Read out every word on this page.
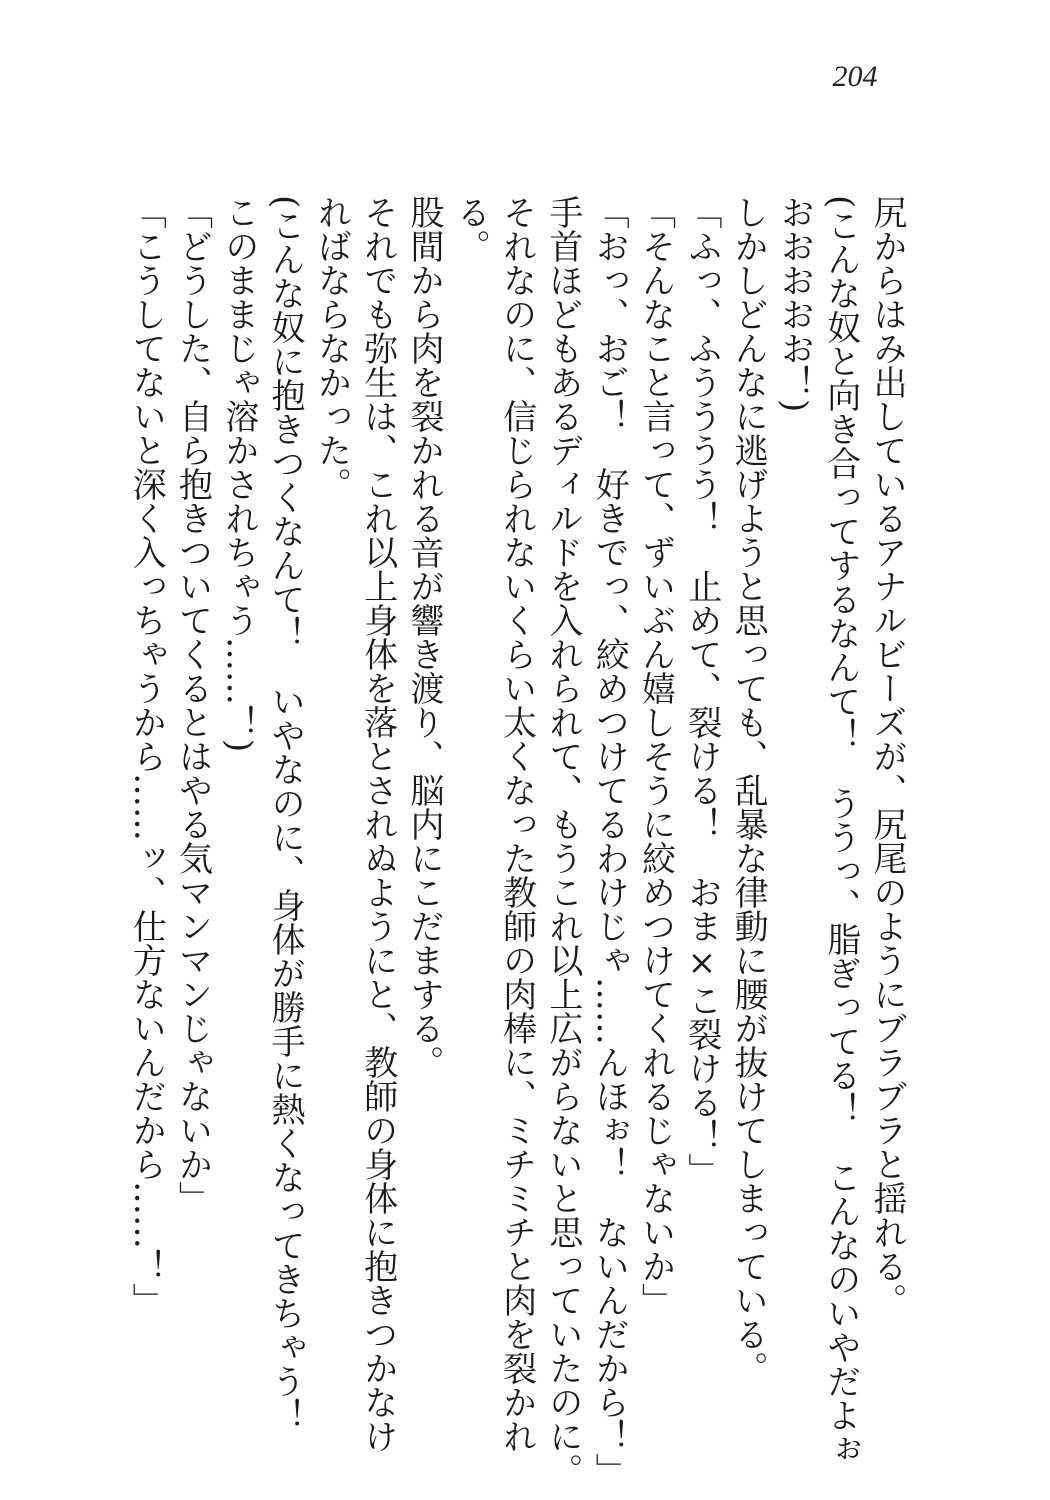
204
尻からはみ出しているアナルビーズが、尻尾のようにブラブラと揺れる。
(こんな奴と向き合ってするなんて！　ううっ、脂ぎってる！　こんなのいやだよぉ
おおおおお！)
しかしどんなに逃げようと思っても、乱暴な律動に腰が抜けてしまっている。
「ふっ、ふうううう！　止めて、裂ける！　おま×こ裂ける！」
「そんなこと言って、ずいぶん嬉しそうに絞めつけてくれるじゃないか」
「おっ、おご！　好きでっ、絞めつけてるわけじゃ……んほぉ！　ないんだから！」
手首ほどもあるディルドを入れられて、もうこれ以上広がらないと思っていたのに。
それなのに、信じられないくらい太くなった教師の肉棒に、ミチミチと肉を裂かれ
る。
股間から肉を裂かれる音が響き渡り、脳内にこだまする。
それでも弥生は、これ以上身体を落とされぬようにと、教師の身体に抱きつかなけ
ればならなかった。
(こんな奴に抱きつくなんて！　いやなのに、身体が勝手に熱くなってきちゃう！
このままじゃ溶かされちゃう……！)
「どうした、自ら抱きついてくるとはやる気マンマンじゃないか」
「こうしてないと深く入っちゃうから……ッ、仕方ないんだから……！」
